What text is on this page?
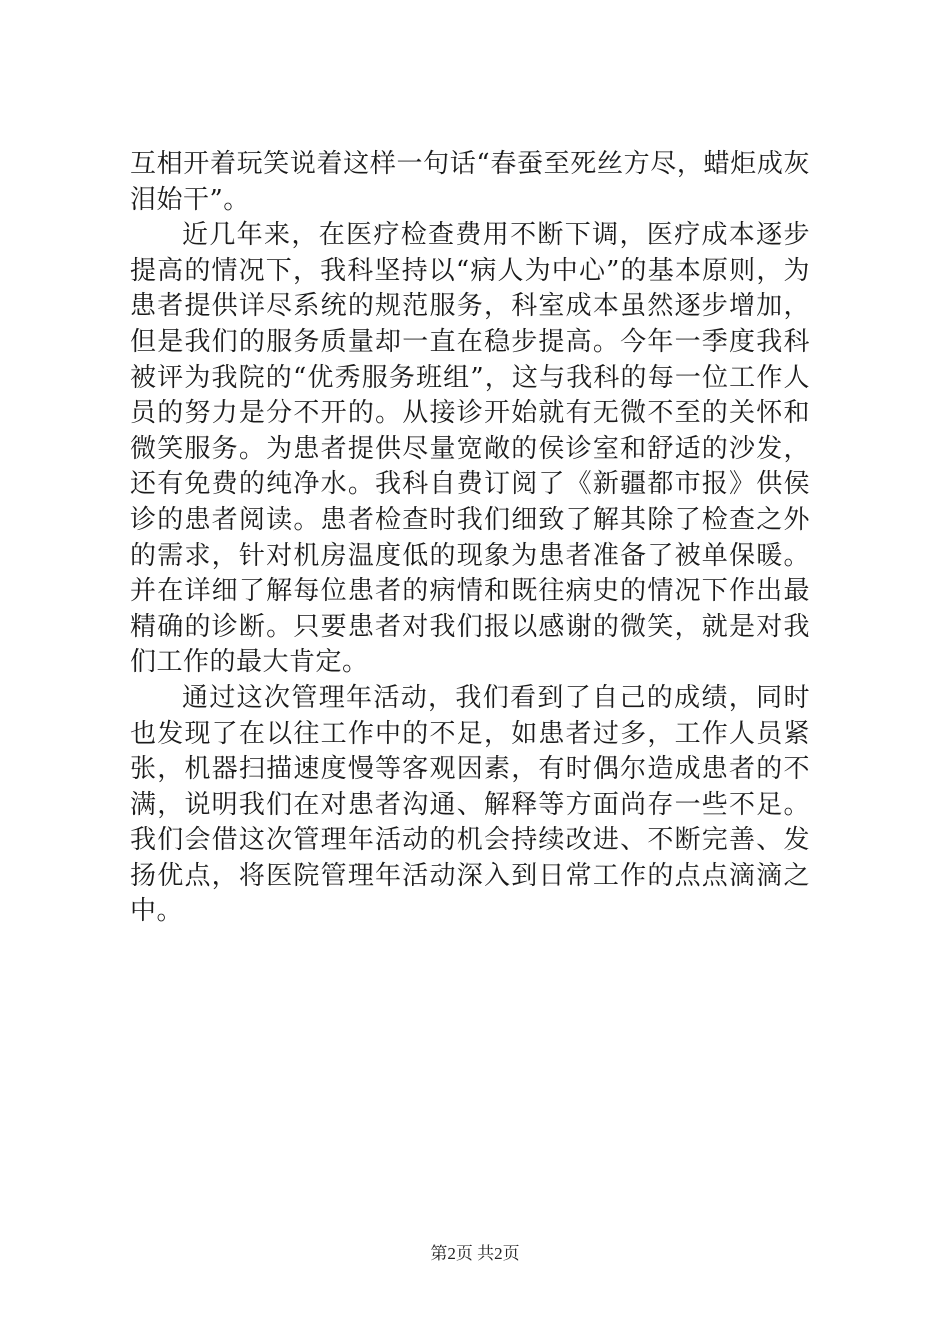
互相开着玩笑说着这样一句话“春蚕至死丝方尽，蜡炬成灰泪始干”。

近几年来，在医疗检查费用不断下调，医疗成本逐步提高的情况下，我科坚持以“病人为中心”的基本原则，为患者提供详尽系统的规范服务，科室成本虽然逐步增加，但是我们的服务质量却一直在稳步提高。今年一季度我科被评为我院的“优秀服务班组”，这与我科的每一位工作人员的努力是分不开的。从接诊开始就有无微不至的关怀和微笑服务。为患者提供尽量宽敞的侯诊室和舒适的沙发，还有免费的纯净水。我科自费订阅了《新疆都市报》供侯诊的患者阅读。患者检查时我们细致了解其除了检查之外的需求，针对机房温度低的现象为患者准备了被单保暖。并在详细了解每位患者的病情和既往病史的情况下作出最精确的诊断。只要患者对我们报以感谢的微笑，就是对我们工作的最大肯定。

通过这次管理年活动，我们看到了自己的成绩，同时也发现了在以往工作中的不足，如患者过多，工作人员紧张，机器扫描速度慢等客观因素，有时偶尔造成患者的不满，说明我们在对患者沟通、解释等方面尚存一些不足。我们会借这次管理年活动的机会持续改进、不断完善、发扬优点，将医院管理年活动深入到日常工作的点点滴滴之中。

第2页 共2页
